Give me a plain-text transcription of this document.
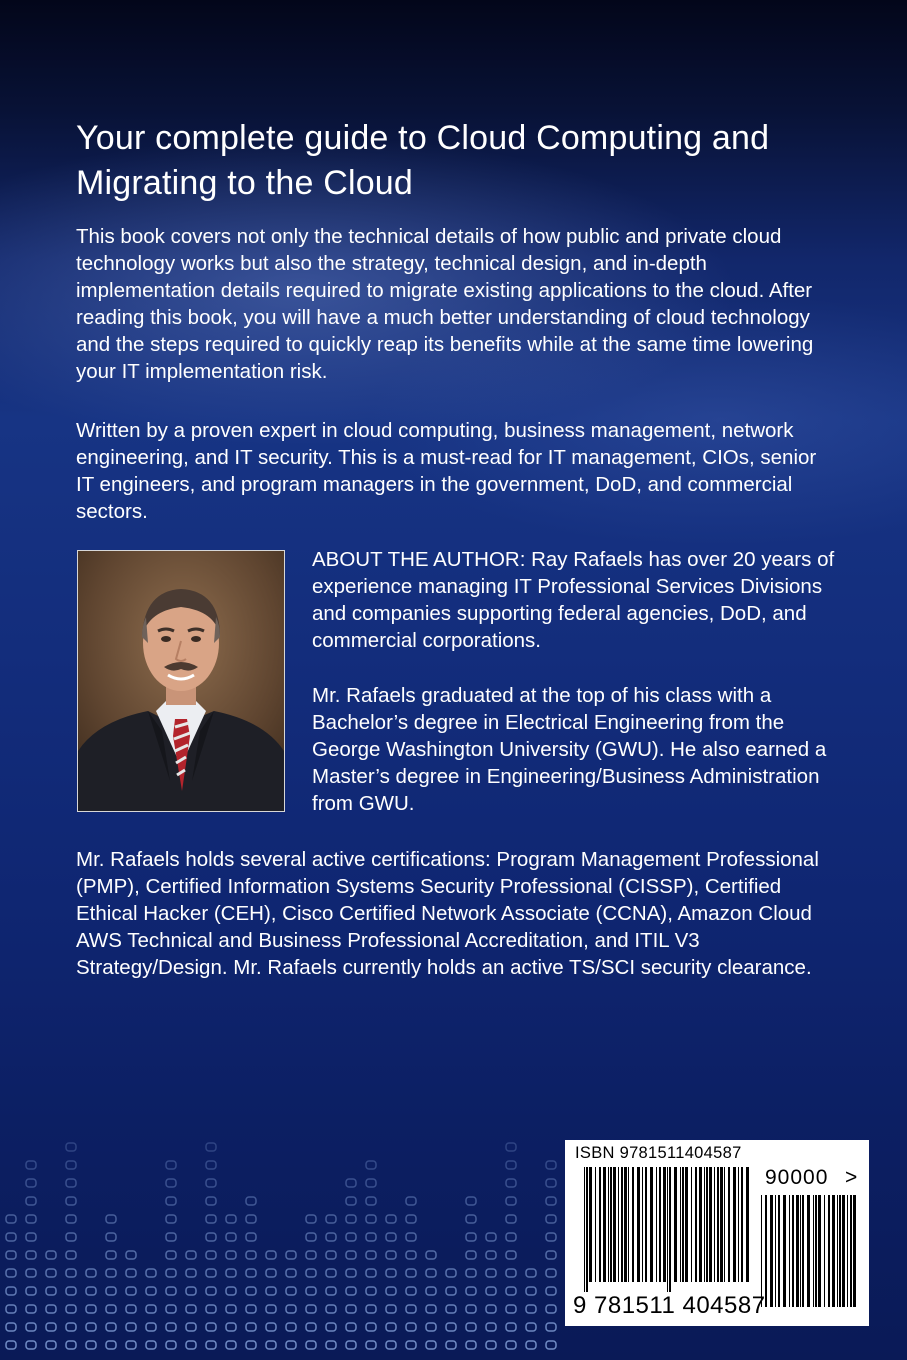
Your complete guide to Cloud Computing and Migrating to the Cloud

This book covers not only the technical details of how public and private cloud technology works but also the strategy, technical design, and in-depth implementation details required to migrate existing applications to the cloud. After reading this book, you will have a much better understanding of cloud technology and the steps required to quickly reap its benefits while at the same time lowering your IT implementation risk.

Written by a proven expert in cloud computing, business management, network engineering, and IT security. This is a must-read for IT management, CIOs, senior IT engineers, and program managers in the government, DoD, and commercial sectors.

ABOUT THE AUTHOR: Ray Rafaels has over 20 years of experience managing IT Professional Services Divisions and companies supporting federal agencies, DoD, and commercial corporations.

Mr. Rafaels graduated at the top of his class with a Bachelor’s degree in Electrical Engineering from the George Washington University (GWU). He also earned a Master’s degree in Engineering/Business Administration from GWU.

Mr. Rafaels holds several active certifications: Program Management Professional (PMP), Certified Information Systems Security Professional (CISSP), Certified Ethical Hacker (CEH), Cisco Certified Network Associate (CCNA), Amazon Cloud AWS Technical and Business Professional Accreditation, and ITIL V3 Strategy/Design. Mr. Rafaels currently holds an active TS/SCI security clearance.

ISBN 9781511404587
90000 >
9 781511 404587
